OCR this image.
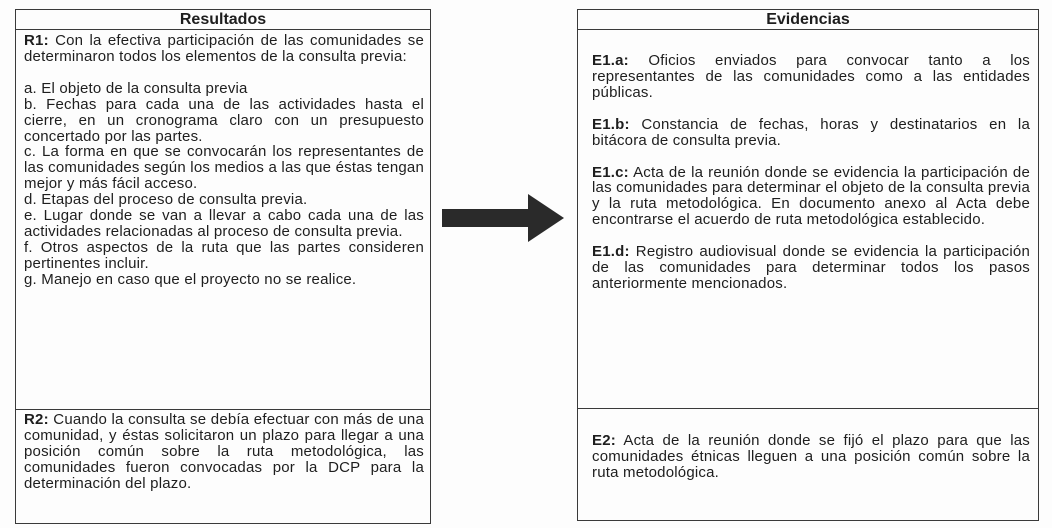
Resultados

R1: Con la efectiva participación de las comunidades se determinaron todos los elementos de la consulta previa:

a. El objeto de la consulta previa

b. Fechas para cada una de las actividades hasta el cierre, en un cronograma claro con un presupuesto concertado por las partes.

c. La forma en que se convocarán los representantes de las comunidades según los medios a las que éstas tengan mejor y más fácil acceso.

d. Etapas del proceso de consulta previa.

e. Lugar donde se van a llevar a cabo cada una de las actividades relacionadas al proceso de consulta previa.

f. Otros aspectos de la ruta que las partes consideren pertinentes incluir.

g. Manejo en caso que el proyecto no se realice.

R2: Cuando la consulta se debía efectuar con más de una comunidad, y éstas solicitaron un plazo para llegar a una posición común sobre la ruta metodológica, las comunidades fueron convocadas por la DCP para la determinación del plazo.

Evidencias

E1.a: Oficios enviados para convocar tanto a los representantes de las comunidades como a las entidades públicas.

E1.b: Constancia de fechas, horas y destinatarios en la bitácora de consulta previa.

E1.c: Acta de la reunión donde se evidencia la participación de las comunidades para determinar el objeto de la consulta previa y la ruta metodológica. En documento anexo al Acta debe encontrarse el acuerdo de ruta metodológica establecido.

E1.d: Registro audiovisual donde se evidencia la participación de las comunidades para determinar todos los pasos anteriormente mencionados.

E2: Acta de la reunión donde se fijó el plazo para que las comunidades étnicas lleguen a una posición común sobre la ruta metodológica.
